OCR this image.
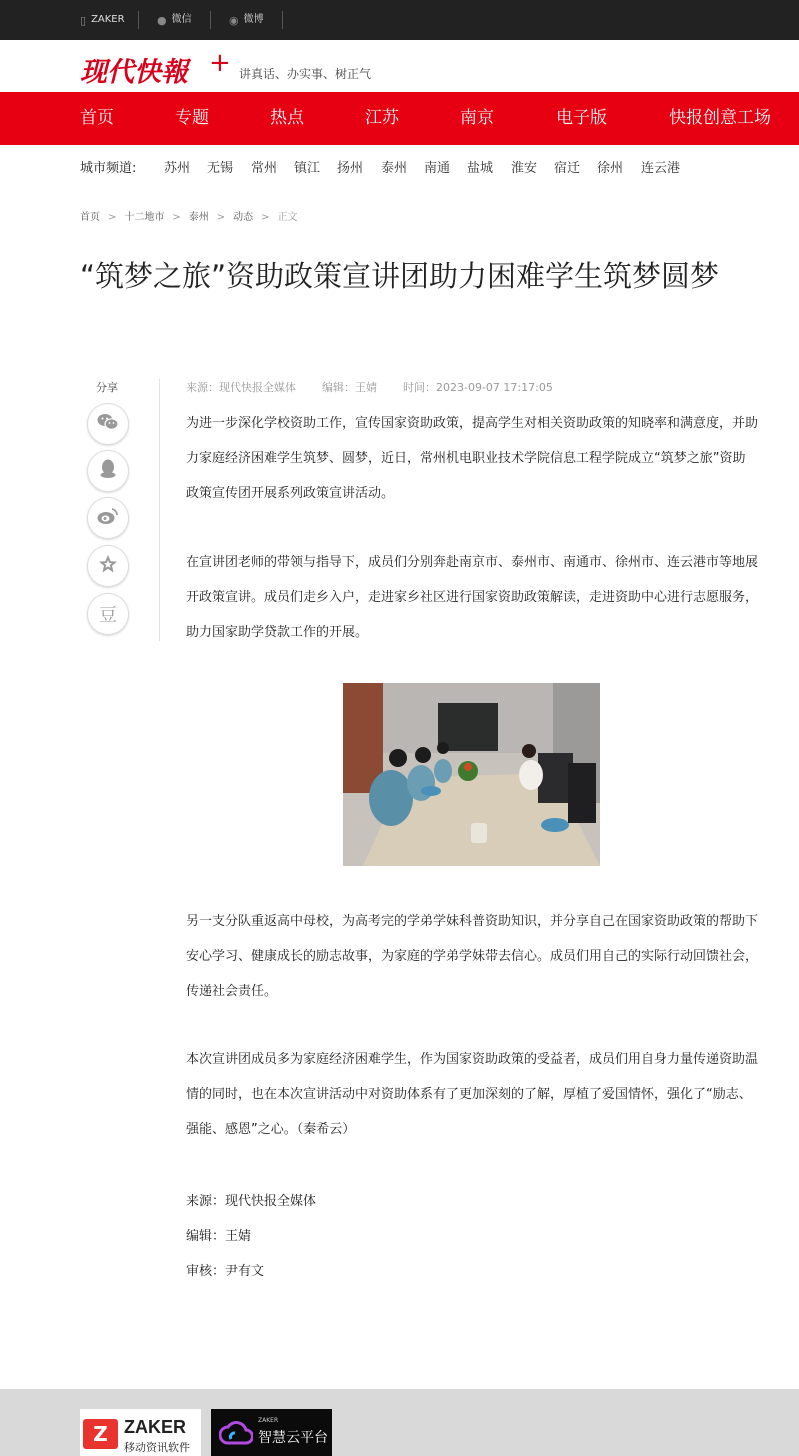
▯ ZAKER	● 微信	◉ 微博
现代快報 + 讲真话、办实事、树正气
首页	专题	热点	江苏	南京	电子版	快报创意工场
城市频道: 苏州 无锡 常州 镇江 扬州 泰州 南通 盐城 淮安 宿迁 徐州 连云港
首页 > 十二地市 > 泰州 > 动态 > 正文
“筑梦之旅”资助政策宣讲团助力困难学生筑梦圆梦
分享
豆
来源：现代快报全媒体 编辑：王婧 时间：2023-09-07 17:17:05

为进一步深化学校资助工作，宣传国家资助政策，提高学生对相关资助政策的知晓率和满意度，并助力家庭经济困难学生筑梦、圆梦，近日，常州机电职业技术学院信息工程学院成立“筑梦之旅”资助政策宣传团开展系列政策宣讲活动。

在宣讲团老师的带领与指导下，成员们分别奔赴南京市、泰州市、南通市、徐州市、连云港市等地展开政策宣讲。成员们走乡入户，走进家乡社区进行国家资助政策解读，走进资助中心进行志愿服务，助力国家助学贷款工作的开展。

另一支分队重返高中母校，为高考完的学弟学妹科普资助知识，并分享自己在国家资助政策的帮助下安心学习、健康成长的励志故事，为家庭的学弟学妹带去信心。成员们用自己的实际行动回馈社会，传递社会责任。

本次宣讲团成员多为家庭经济困难学生，作为国家资助政策的受益者，成员们用自身力量传递资助温情的同时，也在本次宣讲活动中对资助体系有了更加深刻的了解，厚植了爱国情怀，强化了“励志、强能、感恩”之心。（秦希云）

来源：现代快报全媒体
编辑：王婧
审核：尹有文
Z ZAKER
移动资讯软件
ZAKER
智慧云平台
